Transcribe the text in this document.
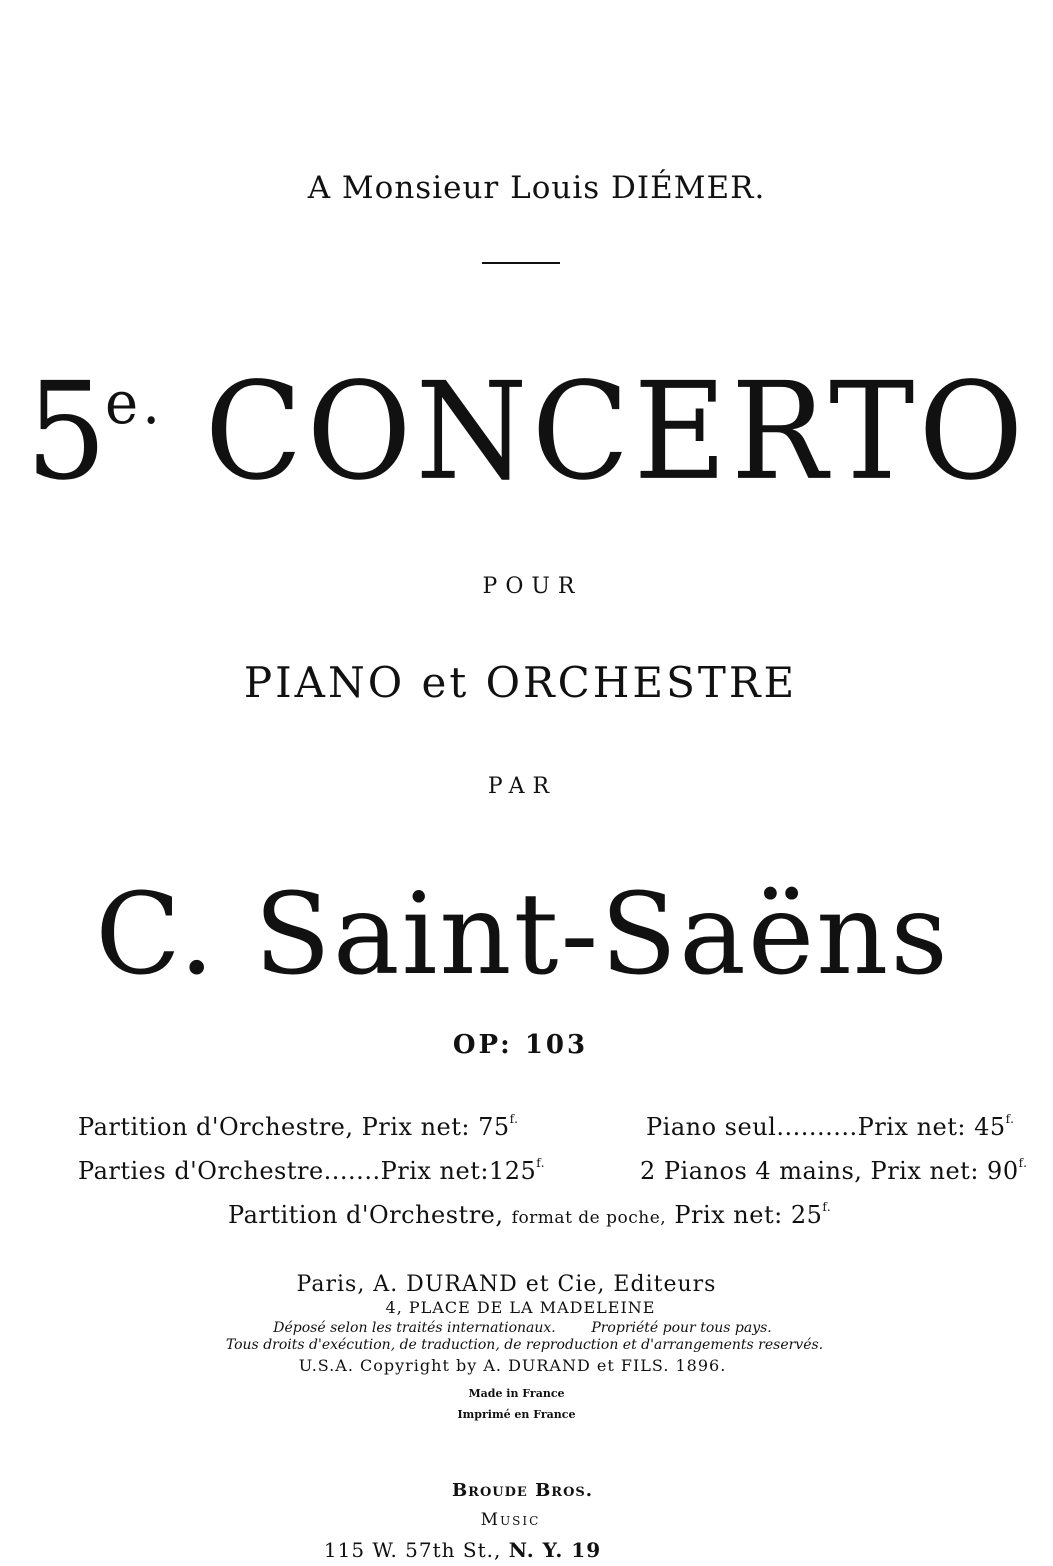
A Monsieur Louis DIÉMER.
$5^{e.}$ CONCERTO
POUR
PIANO et ORCHESTRE
PAR
C. Saint-Saëns
OP: 103
Partition d'Orchestre, Prix net: $75^{f.}$
Parties d'Orchestre.......Prix $net:125^{f.}$
Piano seul..........Prix net: $45^{f.}$
2 Pianos 4 mains, Prix net: $90^{f.}$
Partition d'Orchestre, format de poche, Prix net: $25^{f.}$
Paris, A. DURAND et Cie, Editeurs
4, PLACE DE LA MADELEINE
Déposé selon les traités internationaux.        Propriété pour tous pays.
Tous droits d'exécution, de traduction, de reproduction et d'arrangements reservés.
U.S.A. Copyright by A. DURAND et FILS. 1896.
Made in France
Imprimé en France
Broude Bros.
Music
115 W. 57th St., N. Y. 19
